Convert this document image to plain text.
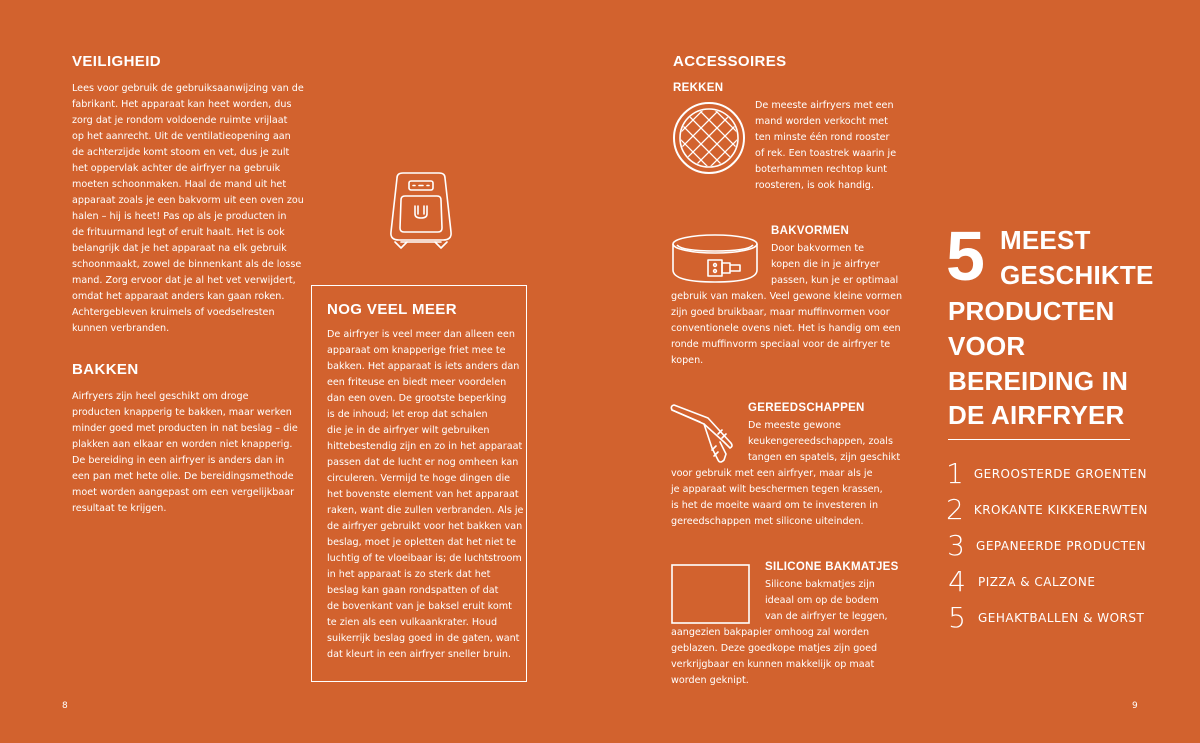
VEILIGHEID
Lees voor gebruik de gebruiksaanwijzing van de
fabrikant. Het apparaat kan heet worden, dus
zorg dat je rondom voldoende ruimte vrijlaat
op het aanrecht. Uit de ventilatieopening aan
de achterzijde komt stoom en vet, dus je zult
het oppervlak achter de airfryer na gebruik
moeten schoonmaken. Haal de mand uit het
apparaat zoals je een bakvorm uit een oven zou
halen – hij is heet! Pas op als je producten in
de frituurmand legt of eruit haalt. Het is ook
belangrijk dat je het apparaat na elk gebruik
schoonmaakt, zowel de binnenkant als de losse
mand. Zorg ervoor dat je al het vet verwijdert,
omdat het apparaat anders kan gaan roken.
Achtergebleven kruimels of voedselresten
kunnen verbranden.
BAKKEN
Airfryers zijn heel geschikt om droge
producten knapperig te bakken, maar werken
minder goed met producten in nat beslag – die
plakken aan elkaar en worden niet knapperig.
De bereiding in een airfryer is anders dan in
een pan met hete olie. De bereidingsmethode
moet worden aangepast om een vergelijkbaar
resultaat te krijgen.
NOG VEEL MEER
De airfryer is veel meer dan alleen een
apparaat om knapperige friet mee te
bakken. Het apparaat is iets anders dan
een friteuse en biedt meer voordelen
dan een oven. De grootste beperking
is de inhoud; let erop dat schalen
die je in de airfryer wilt gebruiken
hittebestendig zijn en zo in het apparaat
passen dat de lucht er nog omheen kan
circuleren. Vermijd te hoge dingen die
het bovenste element van het apparaat
raken, want die zullen verbranden. Als je
de airfryer gebruikt voor het bakken van
beslag, moet je opletten dat het niet te
luchtig of te vloeibaar is; de luchtstroom
in het apparaat is zo sterk dat het
beslag kan gaan rondspatten of dat
de bovenkant van je baksel eruit komt
te zien als een vulkaankrater. Houd
suikerrijk beslag goed in de gaten, want
dat kleurt in een airfryer sneller bruin.
8
ACCESSOIRES
REKKEN
De meeste airfryers met een
mand worden verkocht met
ten minste één rond rooster
of rek. Een toastrek waarin je
boterhammen rechtop kunt
roosteren, is ook handig.
BAKVORMEN
Door bakvormen te
kopen die in je airfryer
passen, kun je er optimaal
gebruik van maken. Veel gewone kleine vormen
zijn goed bruikbaar, maar muffinvormen voor
conventionele ovens niet. Het is handig om een
ronde muffinvorm speciaal voor de airfryer te
kopen.
GEREEDSCHAPPEN
De meeste gewone
keukengereedschappen, zoals
tangen en spatels, zijn geschikt
voor gebruik met een airfryer, maar als je
je apparaat wilt beschermen tegen krassen,
is het de moeite waard om te investeren in
gereedschappen met silicone uiteinden.
SILICONE BAKMATJES
Silicone bakmatjes zijn
ideaal om op de bodem
van de airfryer te leggen,
aangezien bakpapier omhoog zal worden
geblazen. Deze goedkope matjes zijn goed
verkrijgbaar en kunnen makkelijk op maat
worden geknipt.
5 MEEST
GESCHIKTE
PRODUCTEN
VOOR
BEREIDING IN
DE AIRFRYER
1 GEROOSTERDE GROENTEN
2 KROKANTE KIKKERERWTEN
3 GEPANEERDE PRODUCTEN
4 PIZZA & CALZONE
5 GEHAKTBALLEN & WORST
9
